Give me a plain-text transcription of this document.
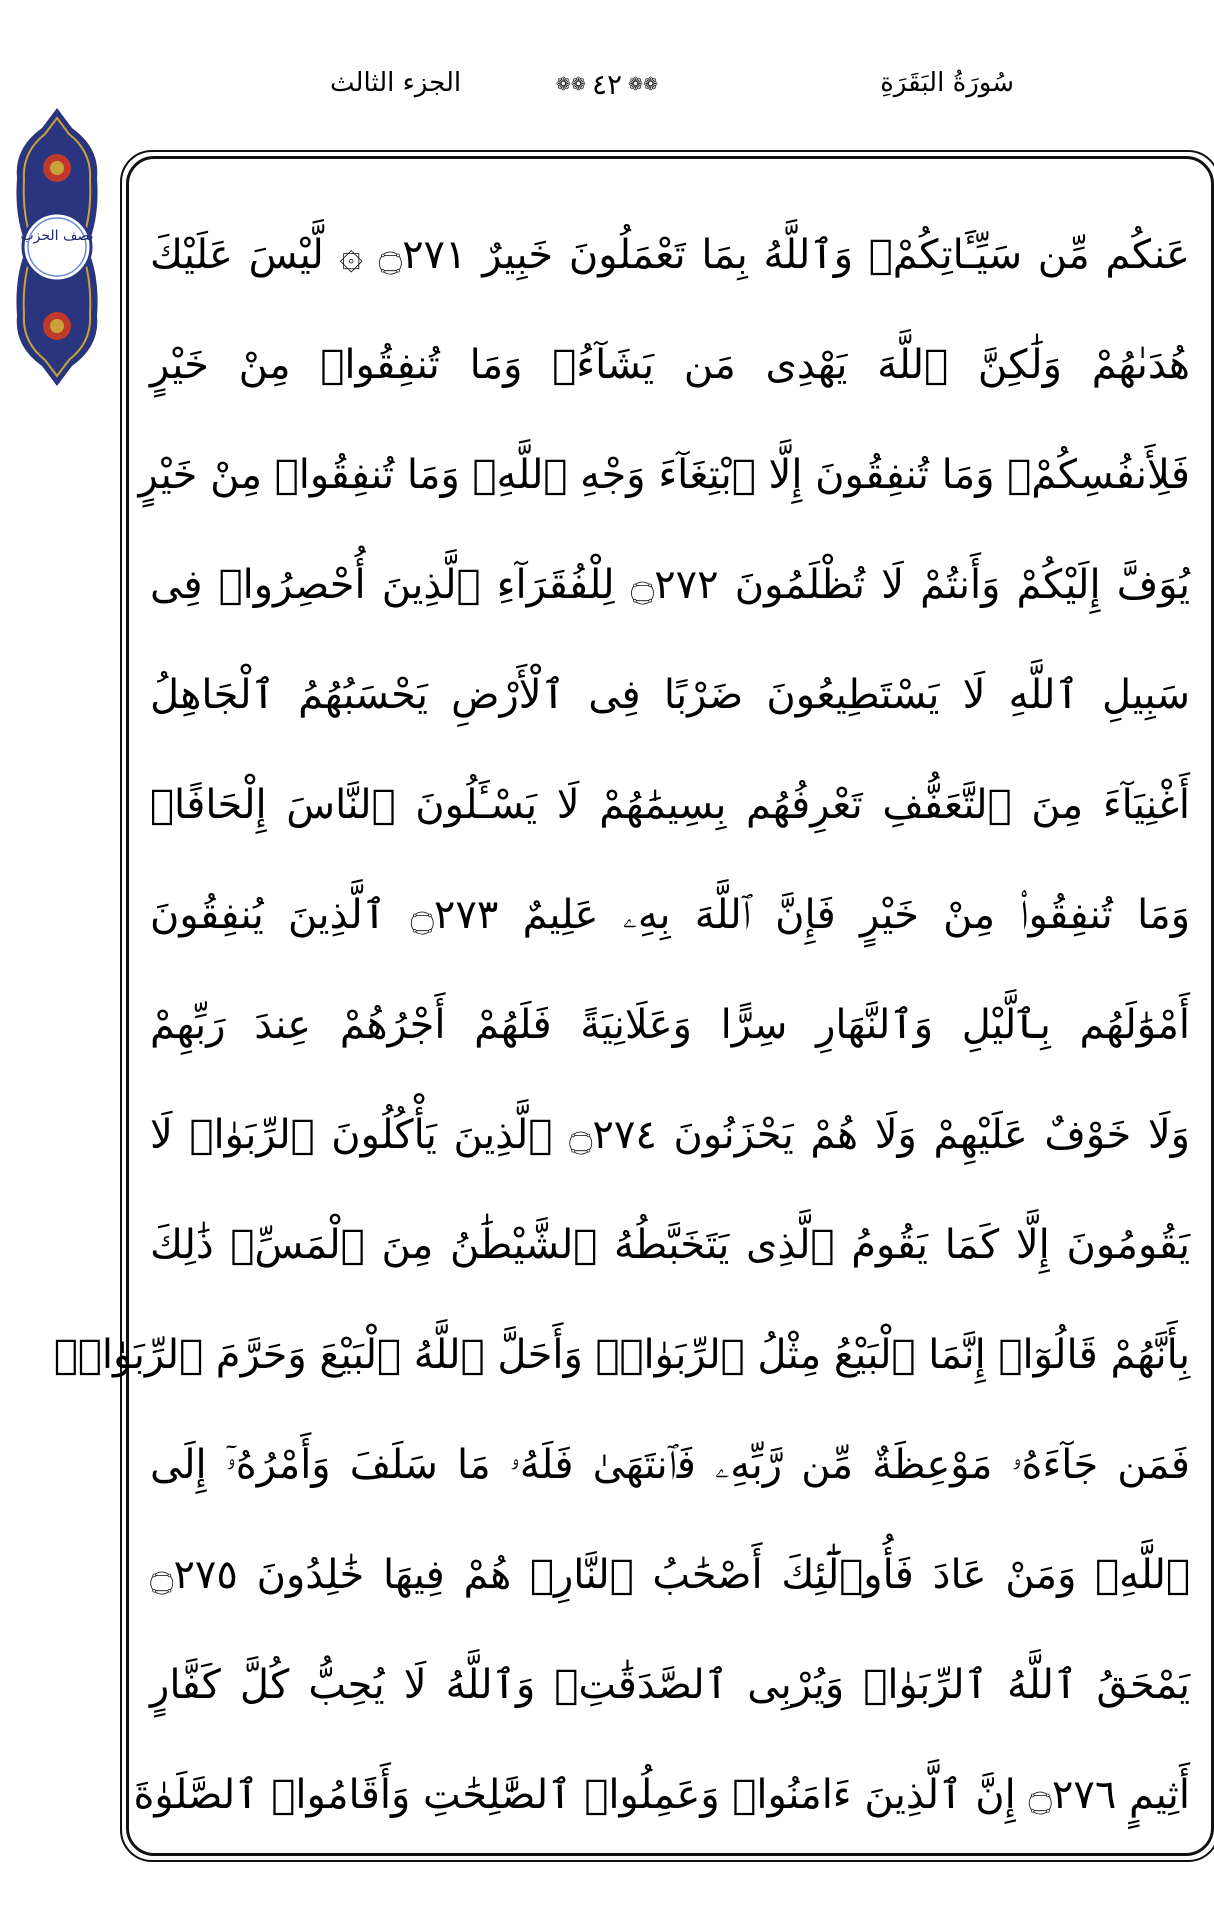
سُورَةُ البَقَرَةِ
❁❁ ٤٢ ❁❁
الجزء الثالث
نصف الحزب عَنكُم مِّن سَيِّـَٔاتِكُمْۗ وَٱللَّهُ بِمَا تَعْمَلُونَ خَبِيرٌ ۝٢٧١ ۞ لَّيْسَ عَلَيْكَ
هُدَىٰهُمْ وَلَٰكِنَّ ٱللَّهَ يَهْدِى مَن يَشَآءُۗ وَمَا تُنفِقُوا۟ مِنْ خَيْرٍ
فَلِأَنفُسِكُمْۚ وَمَا تُنفِقُونَ إِلَّا ٱبْتِغَآءَ وَجْهِ ٱللَّهِۚ وَمَا تُنفِقُوا۟ مِنْ خَيْرٍ
يُوَفَّ إِلَيْكُمْ وَأَنتُمْ لَا تُظْلَمُونَ ۝٢٧٢ لِلْفُقَرَآءِ ٱلَّذِينَ أُحْصِرُوا۟ فِى
سَبِيلِ ٱللَّهِ لَا يَسْتَطِيعُونَ ضَرْبًا فِى ٱلْأَرْضِ يَحْسَبُهُمُ ٱلْجَاهِلُ
أَغْنِيَآءَ مِنَ ٱلتَّعَفُّفِ تَعْرِفُهُم بِسِيمَٰهُمْ لَا يَسْـَٔلُونَ ٱلنَّاسَ إِلْحَافًاۗ
وَمَا تُنفِقُوا۟ مِنْ خَيْرٍ فَإِنَّ ٱللَّهَ بِهِۦ عَلِيمٌ ۝٢٧٣ ٱلَّذِينَ يُنفِقُونَ
أَمْوَٰلَهُم بِٱلَّيْلِ وَٱلنَّهَارِ سِرًّا وَعَلَانِيَةً فَلَهُمْ أَجْرُهُمْ عِندَ رَبِّهِمْ
وَلَا خَوْفٌ عَلَيْهِمْ وَلَا هُمْ يَحْزَنُونَ ۝٢٧٤ ٱلَّذِينَ يَأْكُلُونَ ٱلرِّبَوٰا۟ لَا
يَقُومُونَ إِلَّا كَمَا يَقُومُ ٱلَّذِى يَتَخَبَّطُهُ ٱلشَّيْطَٰنُ مِنَ ٱلْمَسِّۚ ذَٰلِكَ
بِأَنَّهُمْ قَالُوٓا۟ إِنَّمَا ٱلْبَيْعُ مِثْلُ ٱلرِّبَوٰا۟ۗ وَأَحَلَّ ٱللَّهُ ٱلْبَيْعَ وَحَرَّمَ ٱلرِّبَوٰا۟ۚ
فَمَن جَآءَهُۥ مَوْعِظَةٌ مِّن رَّبِّهِۦ فَٱنتَهَىٰ فَلَهُۥ مَا سَلَفَ وَأَمْرُهُۥٓ إِلَى
ٱللَّهِۖ وَمَنْ عَادَ فَأُو۟لَٰٓئِكَ أَصْحَٰبُ ٱلنَّارِۖ هُمْ فِيهَا خَٰلِدُونَ ۝٢٧٥
يَمْحَقُ ٱللَّهُ ٱلرِّبَوٰا۟ وَيُرْبِى ٱلصَّدَقَٰتِۗ وَٱللَّهُ لَا يُحِبُّ كُلَّ كَفَّارٍ
أَثِيمٍ ۝٢٧٦ إِنَّ ٱلَّذِينَ ءَامَنُوا۟ وَعَمِلُوا۟ ٱلصَّٰلِحَٰتِ وَأَقَامُوا۟ ٱلصَّلَوٰةَ
